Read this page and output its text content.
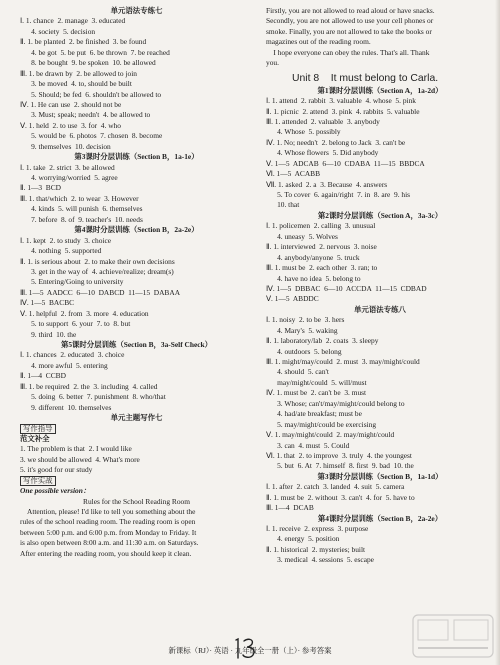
单元语法专练七
Ⅰ. 1. chance  2. manage  3. educated
4. society  5. decision
Ⅱ. 1. be planted  2. be finished  3. be found
4. be got  5. be put  6. be thrown  7. be reached
8. be bought  9. be spoken  10. be allowed
Ⅲ. 1. be drawn by  2. be allowed to join
3. be moved  4. to, should be built
5. Should; be fed  6. shouldn't be allowed to
Ⅳ. 1. He can use  2. should not be
3. Must; speak; needn't  4. be allowed to
Ⅴ. 1. held  2. to use  3. for  4. who
5. would be  6. photos  7. chosen  8. become
9. themselves  10. decision
第3课时分层训练（Section B，1a-1e）
Ⅰ. 1. take  2. strict  3. be allowed
4. worrying/worried  5. agree
Ⅱ. 1—3  BCD
Ⅲ. 1. that/which  2. to wear  3. However
4. kinds  5. will punish  6. themselves
7. before  8. of  9. teacher's  10. needs
第4课时分层训练（Section B，2a-2e）
Ⅰ. 1. kept  2. to study  3. choice
4. nothing  5. supported
Ⅱ. 1. is serious about  2. to make their own decisions
3. get in the way of  4. achieve/realize; dream(s)
5. Entering/Going to university
Ⅲ. 1—5  AADCC  6—10  DABCD  11—15  DABAA
Ⅳ. 1—5  BACBC
Ⅴ. 1. helpful  2. from  3. more  4. education
5. to support  6. your  7. to  8. but
9. third  10. the
第5课时分层训练（Section B，3a-Self Check）
Ⅰ. 1. chances  2. educated  3. choice
4. more awful  5. entering
Ⅱ. 1—4  CCBD
Ⅲ. 1. be required  2. the  3. including  4. called
5. doing  6. better  7. punishment  8. who/that
9. different  10. themselves
单元主题写作七
写作指导
范文补全
1. The problem is that  2. I would like
3. we should be allowed  4. What's more
5. it's good for our study
写作实战
One possible version：
Rules for the School Reading Room
Attention, please! I'd like to tell you something about the
rules of the school reading room. The reading room is open
between 5:00 p.m. and 6:00 p.m. from Monday to Friday. It
is also open between 8:00 a.m. and 11:30 a.m. on Saturdays.
After entering the reading room, you should keep it clean.
Firstly, you are not allowed to read aloud or have snacks.
Secondly, you are not allowed to use your cell phones or
smoke. Finally, you are not allowed to take the books or
magazines out of the reading room.
I hope everyone can obey the rules. That's all. Thank
you.
Unit 8    It must belong to Carla.
第1课时分层训练（Section A，1a-2d）
Ⅰ. 1. attend  2. rabbit  3. valuable  4. whose  5. pink
Ⅱ. 1. picnic  2. attend  3. pink  4. rabbits  5. valuable
Ⅲ. 1. attended  2. valuable  3. anybody
4. Whose  5. possibly
Ⅳ. 1. No; needn't  2. belong to Jack  3. can't be
4. Whose flowers  5. Did anybody
Ⅴ. 1—5  ADCAB  6—10  CDABA  11—15  BBDCA
Ⅵ. 1—5  ACABB
Ⅶ. 1. asked  2. a  3. Because  4. answers
5. To cover  6. again/right  7. in  8. are  9. his
10. that
第2课时分层训练（Section A，3a-3c）
Ⅰ. 1. policemen  2. calling  3. unusual
4. uneasy  5. Wolves
Ⅱ. 1. interviewed  2. nervous  3. noise
4. anybody/anyone  5. truck
Ⅲ. 1. must be  2. each other  3. ran; to
4. have no idea  5. belong to
Ⅳ. 1—5  DBBAC  6—10  ACCDA  11—15  CDBAD
Ⅴ. 1—5  ABDDC
单元语法专练八
Ⅰ. 1. noisy  2. to be  3. hers
4. Mary's  5. waking
Ⅱ. 1. laboratory/lab  2. coats  3. sleepy
4. outdoors  5. belong
Ⅲ. 1. might/may/could  2. must  3. may/might/could
4. should  5. can't
may/might/could  5. will/must
Ⅳ. 1. must be  2. can't be  3. must
3. Whose; can't/may/might/could belong to
4. had/ate breakfast; must be
5. may/might/could be exercising
Ⅴ. 1. may/might/could  2. may/might/could
3. can  4. must  5. Could
Ⅵ. 1. that  2. to improve  3. truly  4. the youngest
5. but  6. At  7. himself  8. first  9. bad  10. the
第3课时分层训练（Section B，1a-1d）
Ⅰ. 1. after  2. catch  3. landed  4. suit  5. camera
Ⅱ. 1. must be  2. without  3. can't  4. for  5. have to
Ⅲ. 1—4  DCAB
第4课时分层训练（Section B，2a-2e）
Ⅰ. 1. receive  2. express  3. purpose
4. energy  5. position
Ⅱ. 1. historical  2. mysteries; built
3. medical  4. sessions  5. escape
新课标（RJ）· 英语 · 九年级全一册（上）· 参考答案
